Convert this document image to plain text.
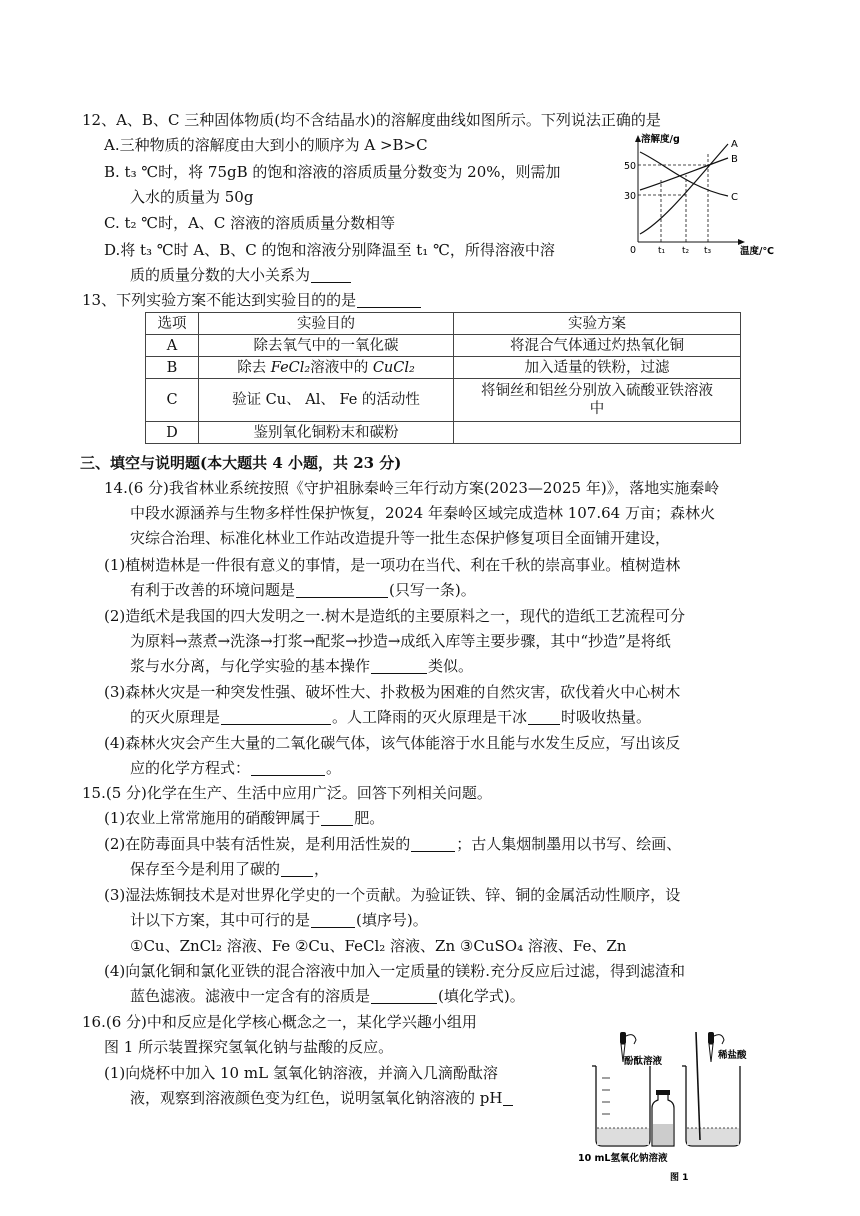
12、A、B、C 三种固体物质(均不含结晶水)的溶解度曲线如图所示。下列说法正确的是
A.三种物质的溶解度由大到小的顺序为 A >B>C
B. t₃ ℃时，将 75gB 的饱和溶液的溶质质量分数变为 20%，则需加
入水的质量为 50g
C. t₂ ℃时，A、C 溶液的溶质质量分数相等
D.将 t₃ ℃时 A、B、C 的饱和溶液分别降温至 t₁ ℃，所得溶液中溶
质的质量分数的大小关系为
溶解度/g
温度/℃
50
30
0 t₁ t₂ t₃
A
B
C
13、下列实验方案不能达到实验目的的是
选项	实验目的	实验方案
A	除去氧气中的一氧化碳	将混合气体通过灼热氧化铜
B	除去 FeCl₂溶液中的 CuCl₂	加入适量的铁粉，过滤
C	验证 Cu、 Al、 Fe 的活动性	将铜丝和铝丝分别放入硫酸亚铁溶液
中

D	鉴别氧化铜粉末和碳粉	
三、填空与说明题(本大题共 4 小题，共 23 分)
14.(6 分)我省林业系统按照《守护祖脉秦岭三年行动方案(2023—2025 年)》，落地实施秦岭
中段水源涵养与生物多样性保护恢复，2024 年秦岭区域完成造林 107.64 万亩；森林火
灾综合治理、标准化林业工作站改造提升等一批生态保护修复项目全面铺开建设，
(1)植树造林是一件很有意义的事情，是一项功在当代、利在千秋的崇高事业。植树造林
有利于改善的环境问题是	(只写一条)。
(2)造纸术是我国的四大发明之一.树木是造纸的主要原料之一，现代的造纸工艺流程可分
为原料→蒸煮→洗涤→打浆→配浆→抄造→成纸入库等主要步骤，其中“抄造”是将纸
浆与水分离，与化学实验的基本操作	类似。
(3)森林火灾是一种突发性强、破坏性大、扑救极为困难的自然灾害，砍伐着火中心树木
的灭火原理是	。人工降雨的灭火原理是干冰 时吸收热量。
(4)森林火灾会产生大量的二氧化碳气体，该气体能溶于水且能与水发生反应，写出该反
应的化学方程式：	。
15.(5 分)化学在生产、生活中应用广泛。回答下列相关问题。
(1)农业上常常施用的硝酸钾属于 肥。
(2)在防毒面具中装有活性炭，是利用活性炭的	；古人集烟制墨用以书写、绘画、
保存至今是利用了碳的 ，
(3)湿法炼铜技术是对世界化学史的一个贡献。为验证铁、锌、铜的金属活动性顺序，设
计以下方案，其中可行的是	(填序号)。
①Cu、ZnCl₂ 溶液、Fe ②Cu、FeCl₂ 溶液、Zn ③CuSO₄ 溶液、Fe、Zn
(4)向氯化铜和氯化亚铁的混合溶液中加入一定质量的镁粉.充分反应后过滤，得到滤渣和
蓝色滤液。滤液中一定含有的溶质是	(填化学式)。
16.(6 分)中和反应是化学核心概念之一，某化学兴趣小组用
图 1 所示装置探究氢氧化钠与盐酸的反应。
(1)向烧杯中加入 10 mL 氢氧化钠溶液，并滴入几滴酚酞溶
液，观察到溶液颜色变为红色，说明氢氧化钠溶液的 pH
酚酞溶液
稀盐酸
10 mL氢氧化钠溶液
图 1
